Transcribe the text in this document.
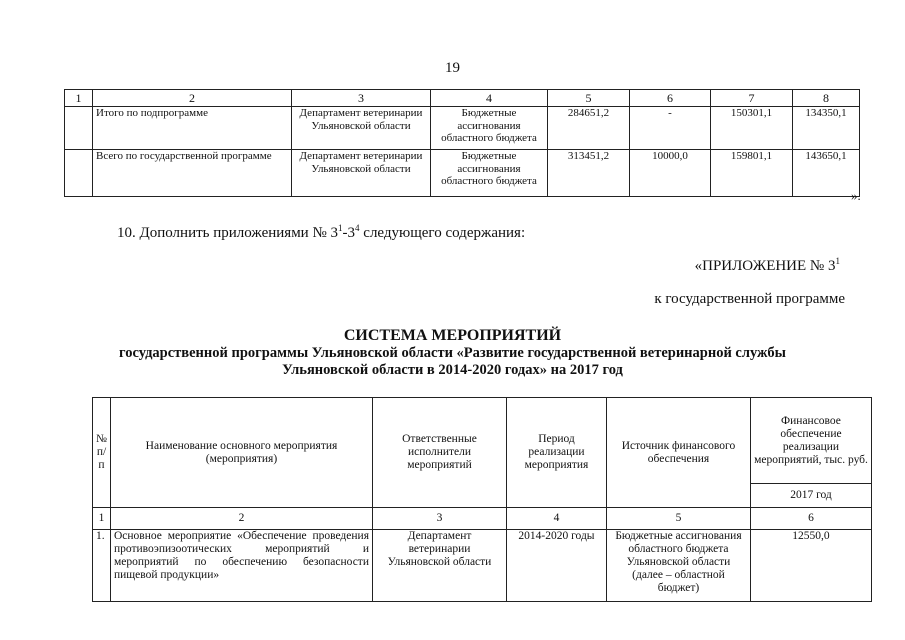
19
1	2	3	4	5	6	7	8
	Итого по подпрограмме	Департамент ветеринарии Ульяновской области	Бюджетные ассигнования областного бюджета	284651,2	-	150301,1	134350,1
	Всего по государственной программе	Департамент ветеринарии Ульяновской области	Бюджетные ассигнования областного бюджета	313451,2	10000,0	159801,1	143650,1
».
10. Дополнить приложениями № $3^1-3^4$ следующего содержания:
«ПРИЛОЖЕНИЕ № $3^1$
к государственной программе
СИСТЕМА МЕРОПРИЯТИЙ
государственной программы Ульяновской области «Развитие государственной ветеринарной службы
Ульяновской области в 2014-2020 годах» на 2017 год
№ п/п	Наименование основного мероприятия (мероприятия)	Ответственные исполнители мероприятий	Период реализации мероприятия	Источник финансового обеспечения	Финансовое обеспечение реализации мероприятий, тыс. руб.
					2017 год
1	2	3	4	5	6
1.	Основное мероприятие «Обеспечение проведения противоэпизоотических мероприятий и мероприятий по обеспечению безопасности пищевой продукции»	Департамент ветеринарии Ульяновской области	2014-2020 годы	Бюджетные ассигнования областного бюджета Ульяновской области (далее – областной бюджет)	12550,0
